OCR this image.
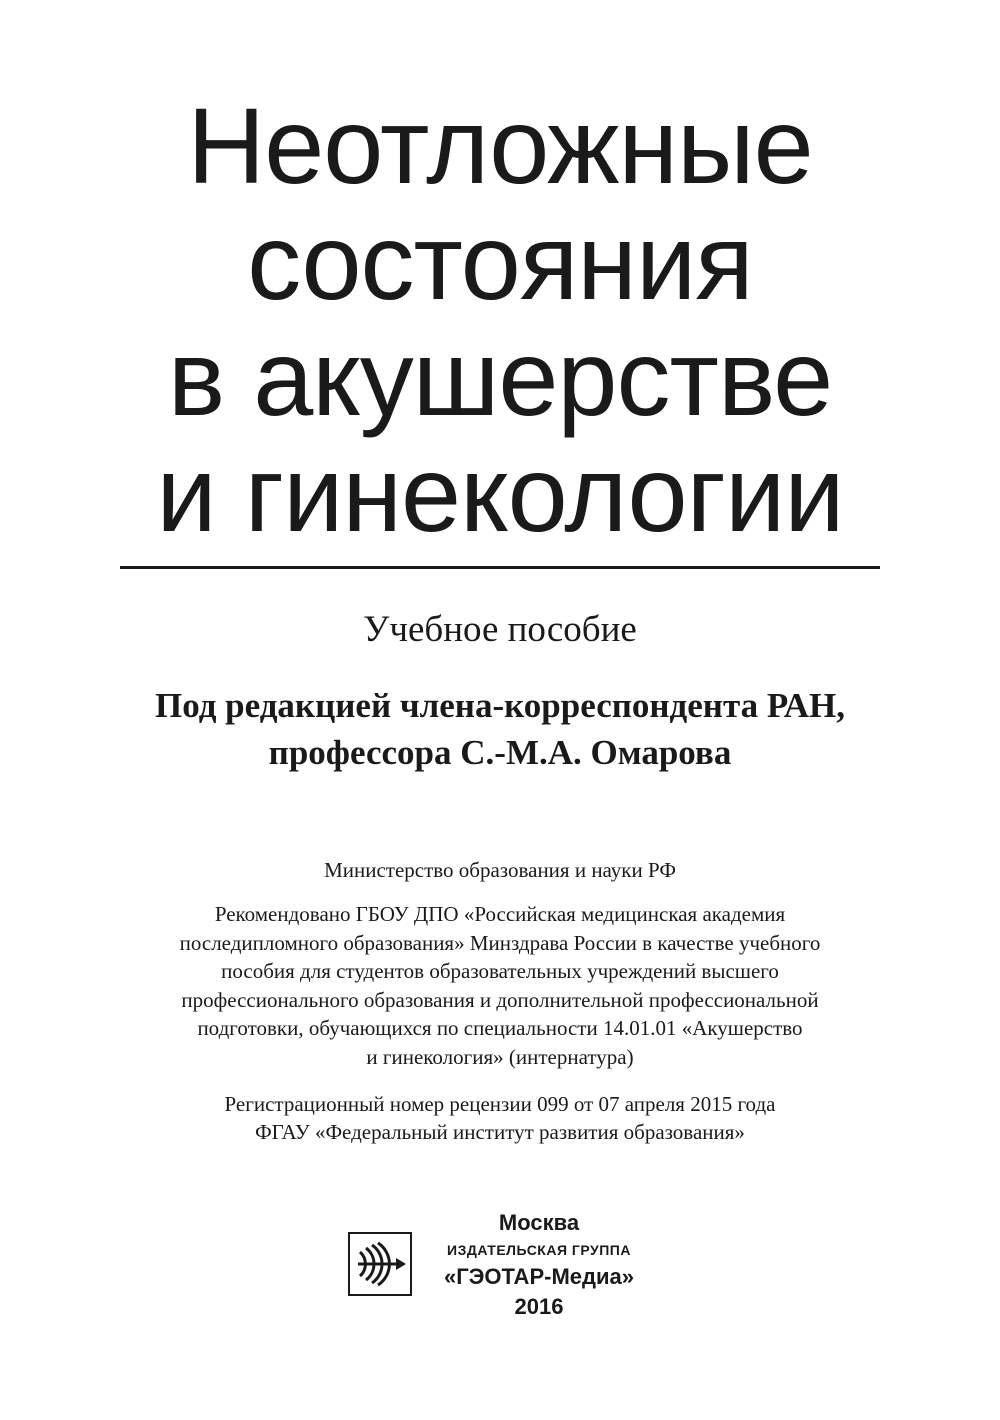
Неотложные
состояния
в акушерстве
и гинекологии
Учебное пособие
Под редакцией члена-корреспондента РАН,
профессора С.-М.А. Омарова
Министерство образования и науки РФ
Рекомендовано ГБОУ ДПО «Российская медицинская академия
последипломного образования» Минздрава России в качестве учебного
пособия для студентов образовательных учреждений высшего
профессионального образования и дополнительной профессиональной
подготовки, обучающихся по специальности 14.01.01 «Акушерство
и гинекология» (интернатура)
Регистрационный номер рецензии 099 от 07 апреля 2015 года
ФГАУ «Федеральный институт развития образования»
Москва
ИЗДАТЕЛЬСКАЯ ГРУППА
«ГЭОТАР-Медиа»
2016
